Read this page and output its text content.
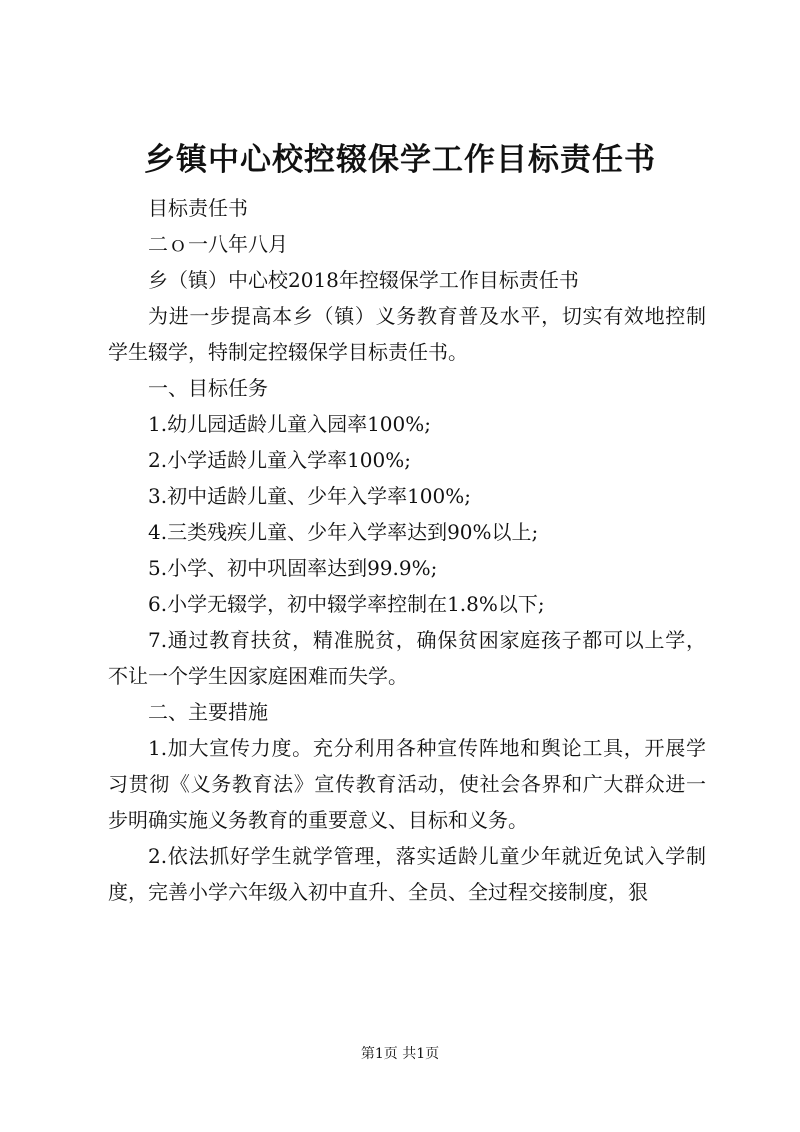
乡镇中心校控辍保学工作目标责任书

目标责任书

二ｏ一八年八月

乡（镇）中心校2018年控辍保学工作目标责任书

为进一步提高本乡（镇）义务教育普及水平，切实有效地控制学生辍学，特制定控辍保学目标责任书。

一、目标任务

1.幼儿园适龄儿童入园率100%;

2.小学适龄儿童入学率100%;

3.初中适龄儿童、少年入学率100%;

4.三类残疾儿童、少年入学率达到90%以上;

5.小学、初中巩固率达到99.9%;

6.小学无辍学，初中辍学率控制在1.8%以下;

7.通过教育扶贫，精准脱贫，确保贫困家庭孩子都可以上学，不让一个学生因家庭困难而失学。

二、主要措施

1.加大宣传力度。充分利用各种宣传阵地和舆论工具，开展学习贯彻《义务教育法》宣传教育活动，使社会各界和广大群众进一步明确实施义务教育的重要意义、目标和义务。

2.依法抓好学生就学管理，落实适龄儿童少年就近免试入学制度，完善小学六年级入初中直升、全员、全过程交接制度，狠

第1页 共1页
